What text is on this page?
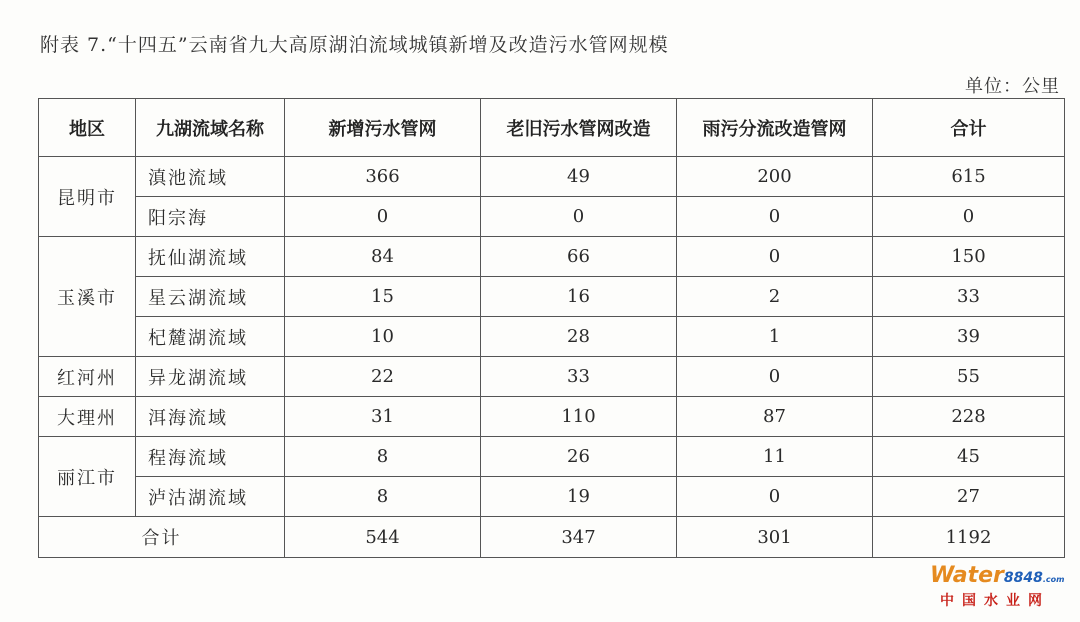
附表 7.“十四五”云南省九大高原湖泊流域城镇新增及改造污水管网规模
单位：公里
地区	九湖流域名称	新增污水管网	老旧污水管网改造	雨污分流改造管网	合计
昆明市	滇池流域	366	49	200	615
	阳宗海	0	0	0	0
玉溪市	抚仙湖流域	84	66	0	150
	星云湖流域	15	16	2	33
	杞麓湖流域	10	28	1	39
红河州	异龙湖流域	22	33	0	55
大理州	洱海流域	31	110	87	228
丽江市	程海流域	8	26	11	45
	泸沽湖流域	8	19	0	27
合计		544	347	301	1192
Water8848.com
中国水业网
